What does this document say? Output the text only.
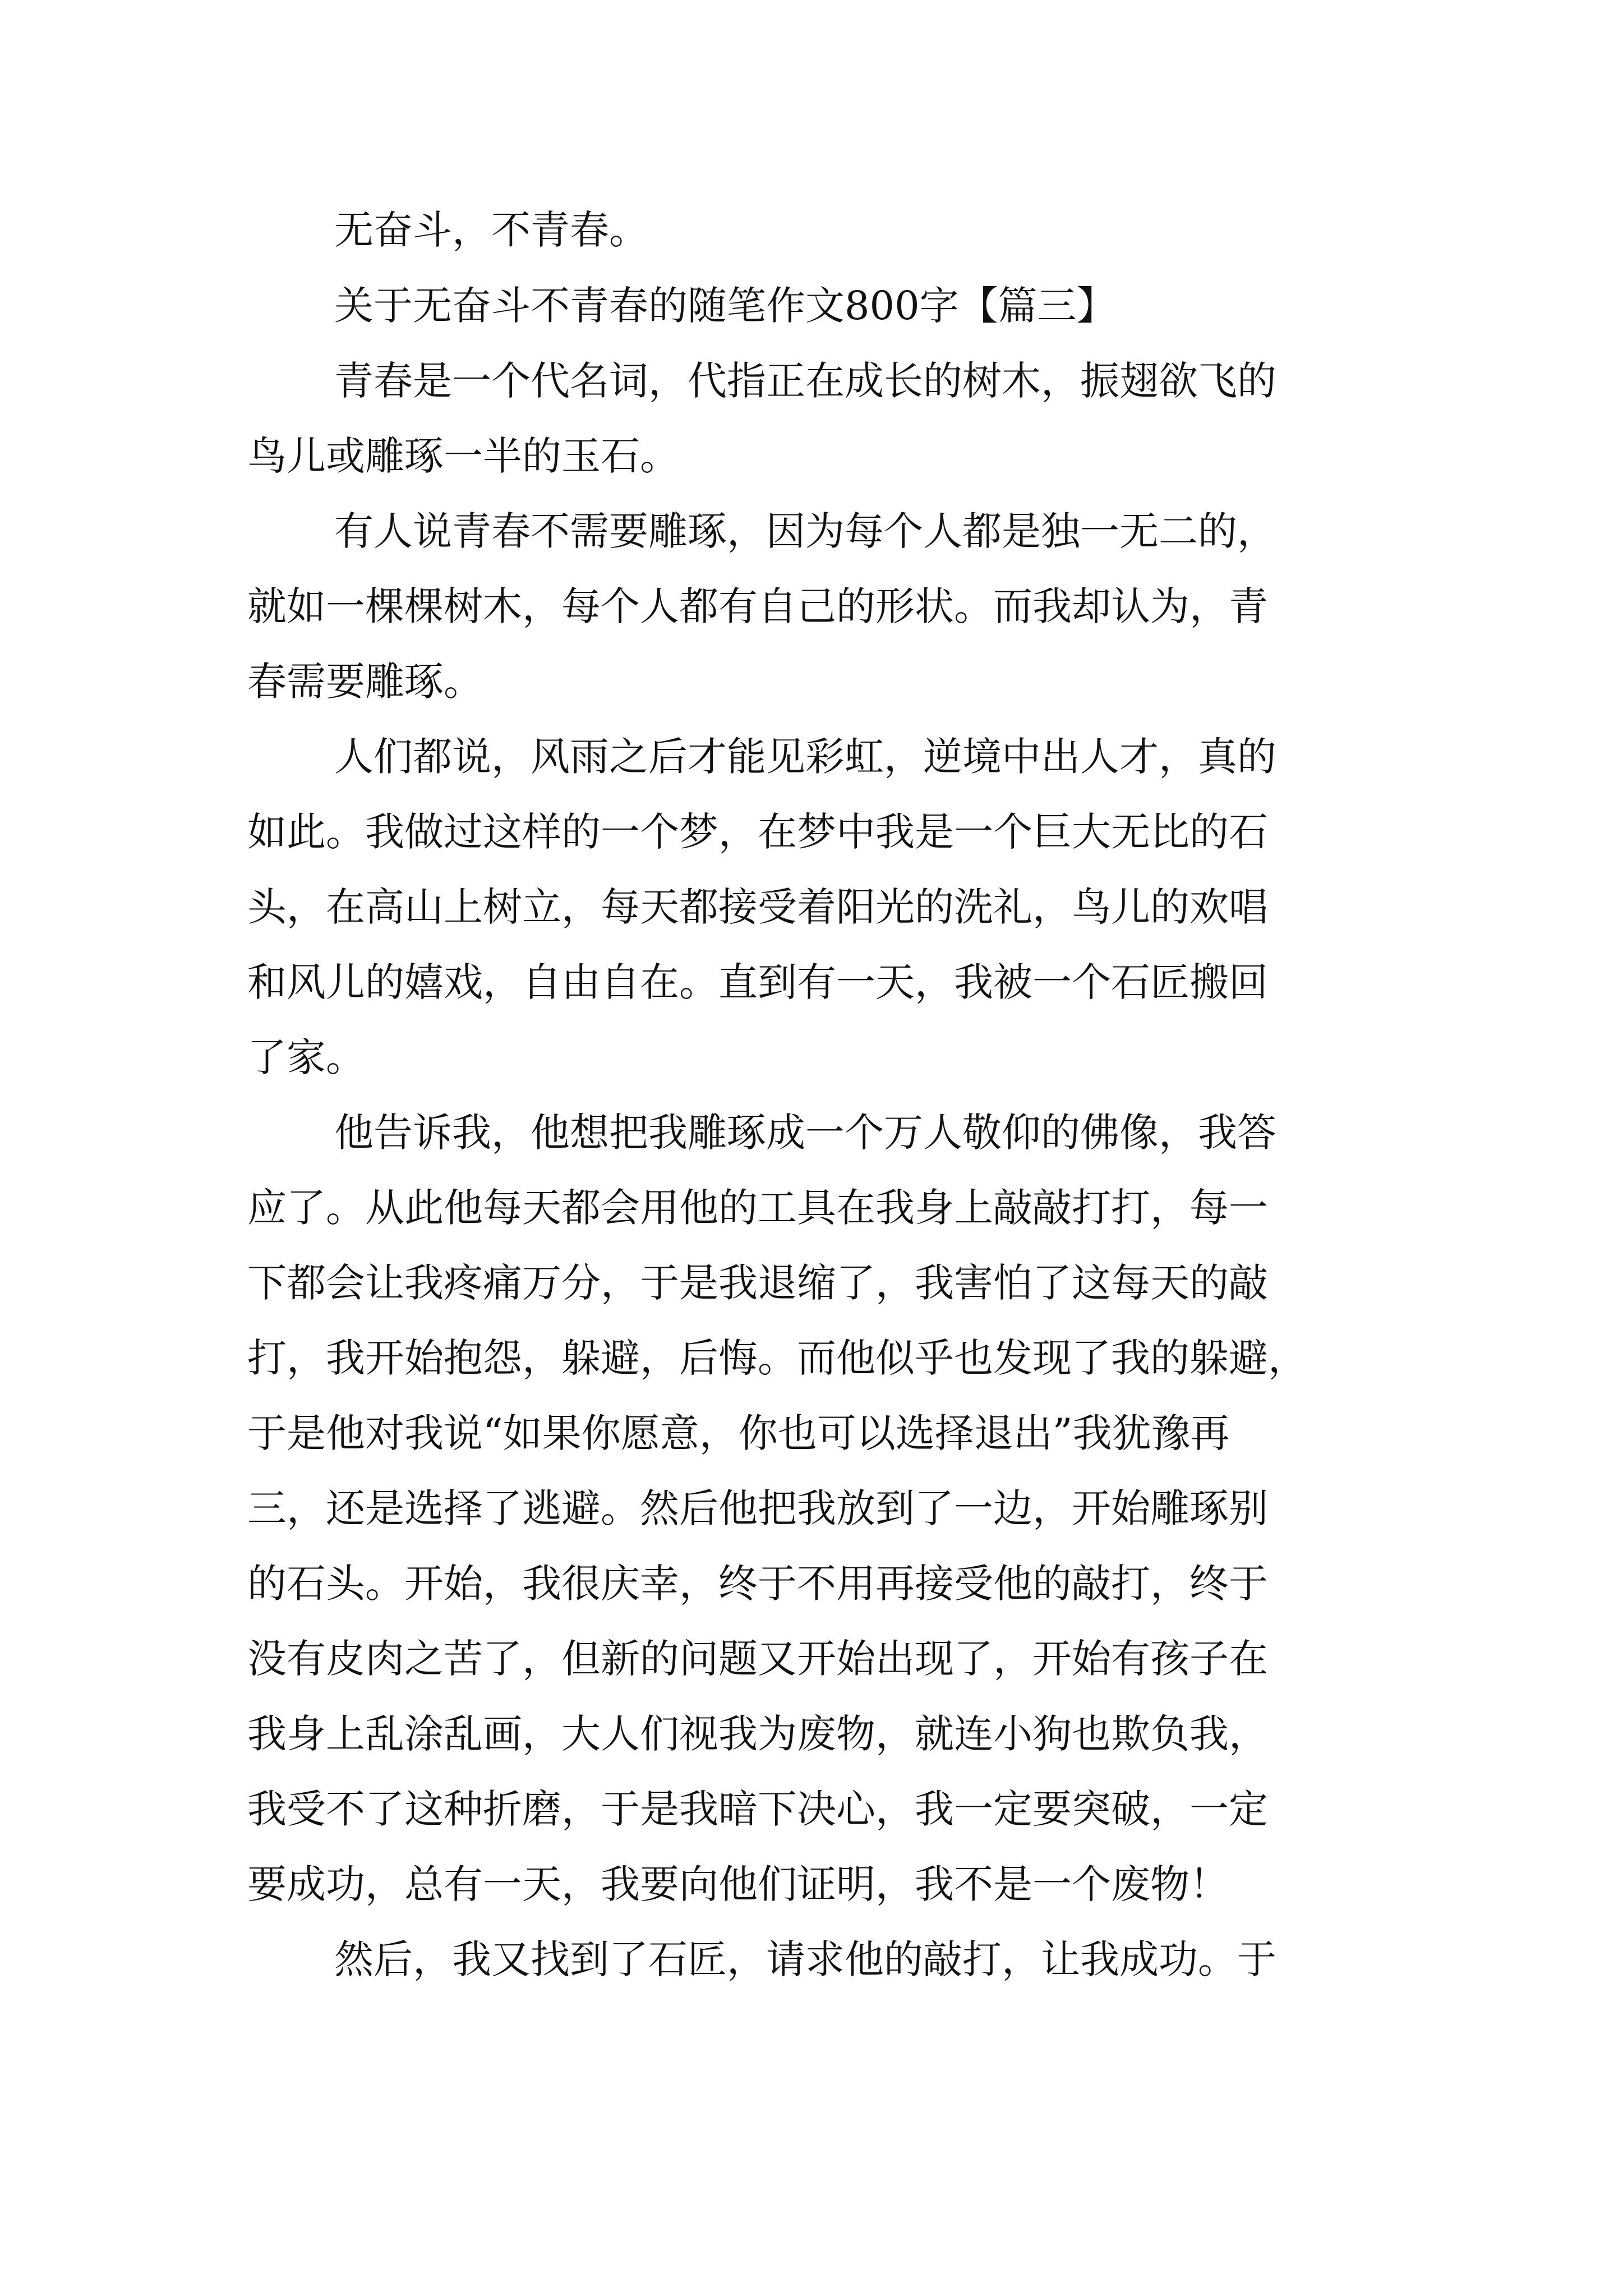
无奋斗，不青春。
关于无奋斗不青春的随笔作文800字【篇三】
青春是一个代名词，代指正在成长的树木，振翅欲飞的
鸟儿或雕琢一半的玉石。
有人说青春不需要雕琢，因为每个人都是独一无二的，
就如一棵棵树木，每个人都有自己的形状。而我却认为，青
春需要雕琢。
人们都说，风雨之后才能见彩虹，逆境中出人才，真的
如此。我做过这样的一个梦，在梦中我是一个巨大无比的石
头，在高山上树立，每天都接受着阳光的洗礼，鸟儿的欢唱
和风儿的嬉戏，自由自在。直到有一天，我被一个石匠搬回
了家。
他告诉我，他想把我雕琢成一个万人敬仰的佛像，我答
应了。从此他每天都会用他的工具在我身上敲敲打打，每一
下都会让我疼痛万分，于是我退缩了，我害怕了这每天的敲
打，我开始抱怨，躲避，后悔。而他似乎也发现了我的躲避，
于是他对我说“如果你愿意，你也可以选择退出”我犹豫再
三，还是选择了逃避。然后他把我放到了一边，开始雕琢别
的石头。开始，我很庆幸，终于不用再接受他的敲打，终于
没有皮肉之苦了，但新的问题又开始出现了，开始有孩子在
我身上乱涂乱画，大人们视我为废物，就连小狗也欺负我，
我受不了这种折磨，于是我暗下决心，我一定要突破，一定
要成功，总有一天，我要向他们证明，我不是一个废物！
然后，我又找到了石匠，请求他的敲打，让我成功。于
